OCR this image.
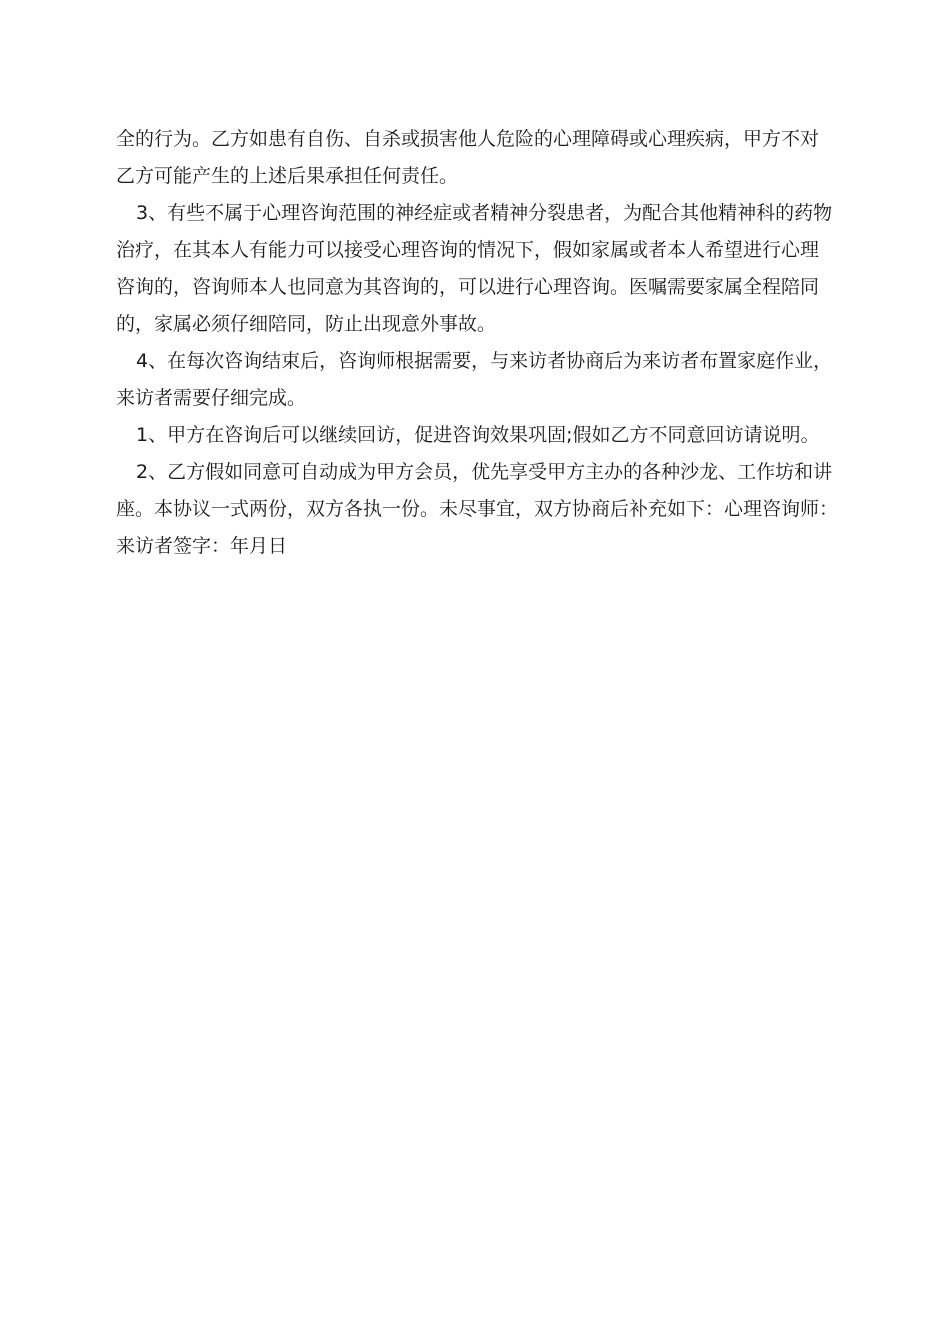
全的行为。乙方如患有自伤、自杀或损害他人危险的心理障碍或心理疾病，甲方不对
乙方可能产生的上述后果承担任何责任。

3、有些不属于心理咨询范围的神经症或者精神分裂患者，为配合其他精神科的药物
治疗，在其本人有能力可以接受心理咨询的情况下，假如家属或者本人希望进行心理
咨询的，咨询师本人也同意为其咨询的，可以进行心理咨询。医嘱需要家属全程陪同
的，家属必须仔细陪同，防止出现意外事故。

4、在每次咨询结束后，咨询师根据需要，与来访者协商后为来访者布置家庭作业，
来访者需要仔细完成。

1、甲方在咨询后可以继续回访，促进咨询效果巩固;假如乙方不同意回访请说明。

2、乙方假如同意可自动成为甲方会员，优先享受甲方主办的各种沙龙、工作坊和讲
座。本协议一式两份，双方各执一份。未尽事宜，双方协商后补充如下：心理咨询师：
来访者签字：年月日
